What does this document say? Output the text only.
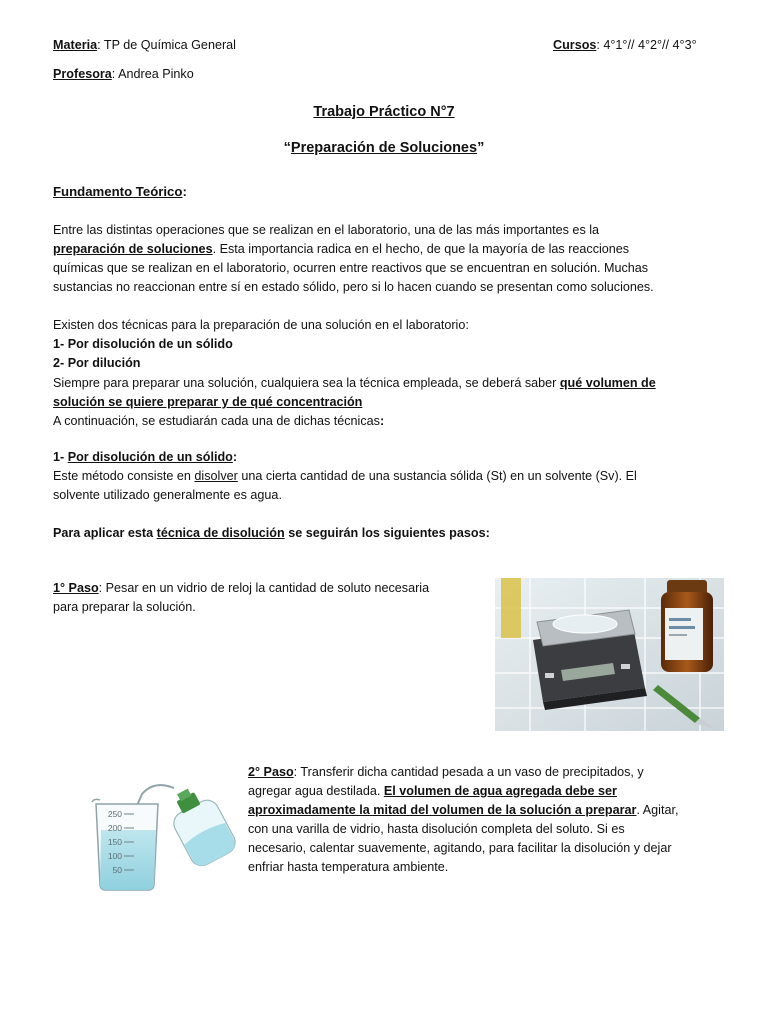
Materia: TP de Química General	Cursos: 4°1°// 4°2°// 4°3°
Profesora: Andrea Pinko
Trabajo Práctico N°7
“Preparación de Soluciones”
Fundamento Teórico:
Entre las distintas operaciones que se realizan en el laboratorio, una de las más importantes es la
preparación de soluciones. Esta importancia radica en el hecho, de que la mayoría de las reacciones
químicas que se realizan en el laboratorio, ocurren entre reactivos que se encuentran en solución. Muchas
sustancias no reaccionan entre sí en estado sólido, pero si lo hacen cuando se presentan como soluciones.
Existen dos técnicas para la preparación de una solución en el laboratorio:
1- Por disolución de un sólido
2- Por dilución
Siempre para preparar una solución, cualquiera sea la técnica empleada, se deberá saber qué volumen de
solución se quiere preparar y de qué concentración
A continuación, se estudiarán cada una de dichas técnicas:
1- Por disolución de un sólido:
Este método consiste en disolver una cierta cantidad de una sustancia sólida (St) en un solvente (Sv). El
solvente utilizado generalmente es agua.
Para aplicar esta técnica de disolución se seguirán los siguientes pasos:
1° Paso: Pesar en un vidrio de reloj la cantidad de soluto necesaria
para preparar la solución.
250
200
150
100
50
2° Paso: Transferir dicha cantidad pesada a un vaso de precipitados, y
agregar agua destilada. El volumen de agua agregada debe ser
aproximadamente la mitad del volumen de la solución a preparar. Agitar,
con una varilla de vidrio, hasta disolución completa del soluto. Si es
necesario, calentar suavemente, agitando, para facilitar la disolución y dejar
enfriar hasta temperatura ambiente.
